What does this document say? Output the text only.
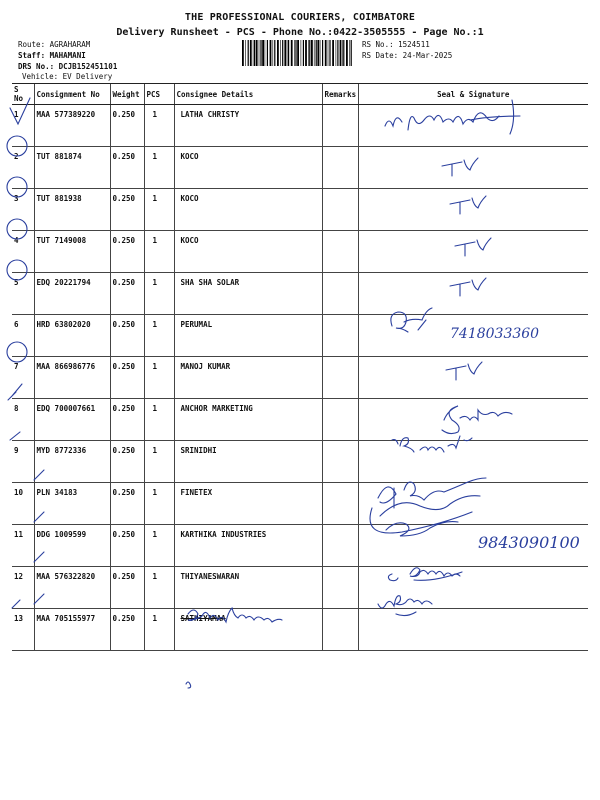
THE PROFESSIONAL COURIERS, COIMBATORE
Delivery Runsheet - PCS - Phone No.:0422-3505555 - Page No.:1
Route: AGRAHARAM
Staff: MAHAMANI
DRS No.: DCJB152451101
Vehicle: EV Delivery
RS No.: 1524511
RS Date: 24-Mar-2025
S No	Consignment No	Weight	PCS	Consignee Details	Remarks	Seal & Signature
1	MAA 577389220	0.250	1	LATHA CHRISTY		
2	TUT 881874	0.250	1	KOCO		
3	TUT 881938	0.250	1	KOCO		
4	TUT 7149008	0.250	1	KOCO		
5	EDQ 20221794	0.250	1	SHA SHA SOLAR		
6	HRD 63802020	0.250	1	PERUMAL		
7	MAA 866986776	0.250	1	MANOJ KUMAR		
8	EDQ 700007661	0.250	1	ANCHOR MARKETING		
9	MYD 8772336	0.250	1	SRINIDHI		
10	PLN 34183	0.250	1	FINETEX		
11	DDG 1009599	0.250	1	KARTHIKA INDUSTRIES		
12	MAA 576322820	0.250	1	THIYANESWARAN		
13	MAA 705155977	0.250	1	SATHIYAMAA		
7418033360
9843090100
